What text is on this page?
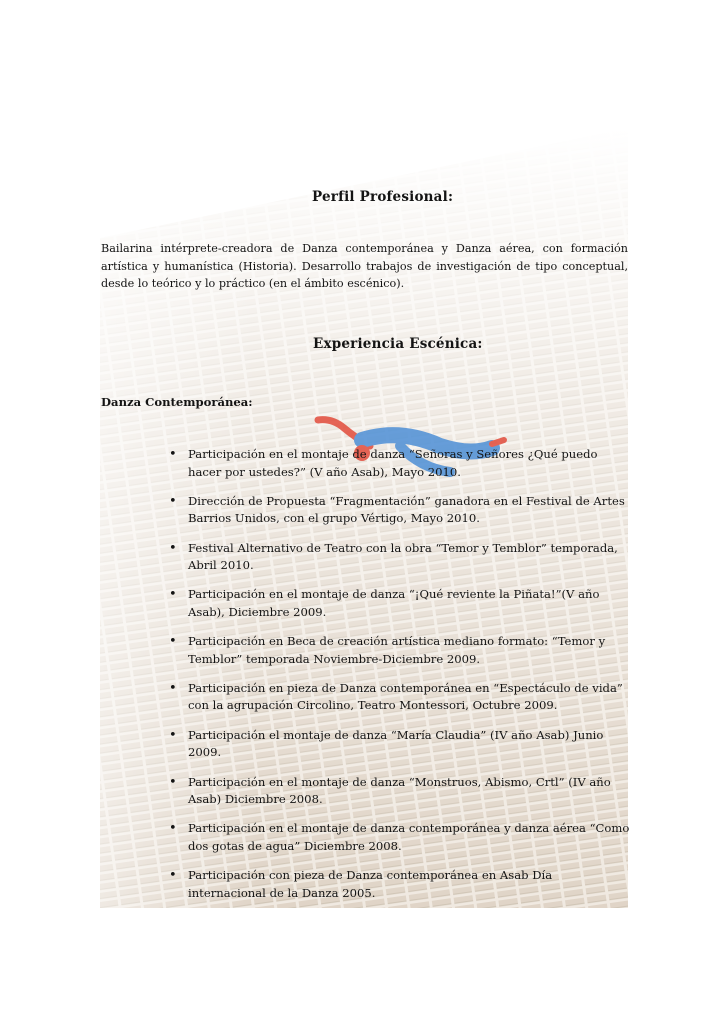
Perfil Profesional:

Bailarina intérprete-creadora de Danza contemporánea y Danza aérea, con formación artística y humanística (Historia). Desarrollo trabajos de investigación de tipo conceptual, desde lo teórico y lo práctico (en el ámbito escénico).

Experiencia Escénica:
Danza Contemporánea:
• Participación en el montaje de danza “Señoras y Señores ¿Qué puedo hacer por ustedes?” (V año Asab), Mayo 2010.
• Dirección de Propuesta “Fragmentación” ganadora en el Festival de Artes Barrios Unidos, con el grupo Vértigo, Mayo 2010.
• Festival Alternativo de Teatro con la obra “Temor y Temblor” temporada, Abril 2010.
• Participación en el montaje de danza “¡Qué reviente la Piñata!”(V año Asab), Diciembre 2009.
• Participación en Beca de creación artística mediano formato: “Temor y Temblor” temporada Noviembre-Diciembre 2009.
• Participación en pieza de Danza contemporánea en “Espectáculo de vida” con la agrupación Circolino, Teatro Montessori, Octubre 2009.
• Participación el montaje de danza “María Claudia” (IV año Asab) Junio 2009.
• Participación en el montaje de danza “Monstruos, Abismo, Crtl” (IV año Asab) Diciembre 2008.
• Participación en el montaje de danza contemporánea y danza aérea “Como dos gotas de agua” Diciembre 2008.
• Participación con pieza de Danza contemporánea en Asab Día internacional de la Danza 2005.
